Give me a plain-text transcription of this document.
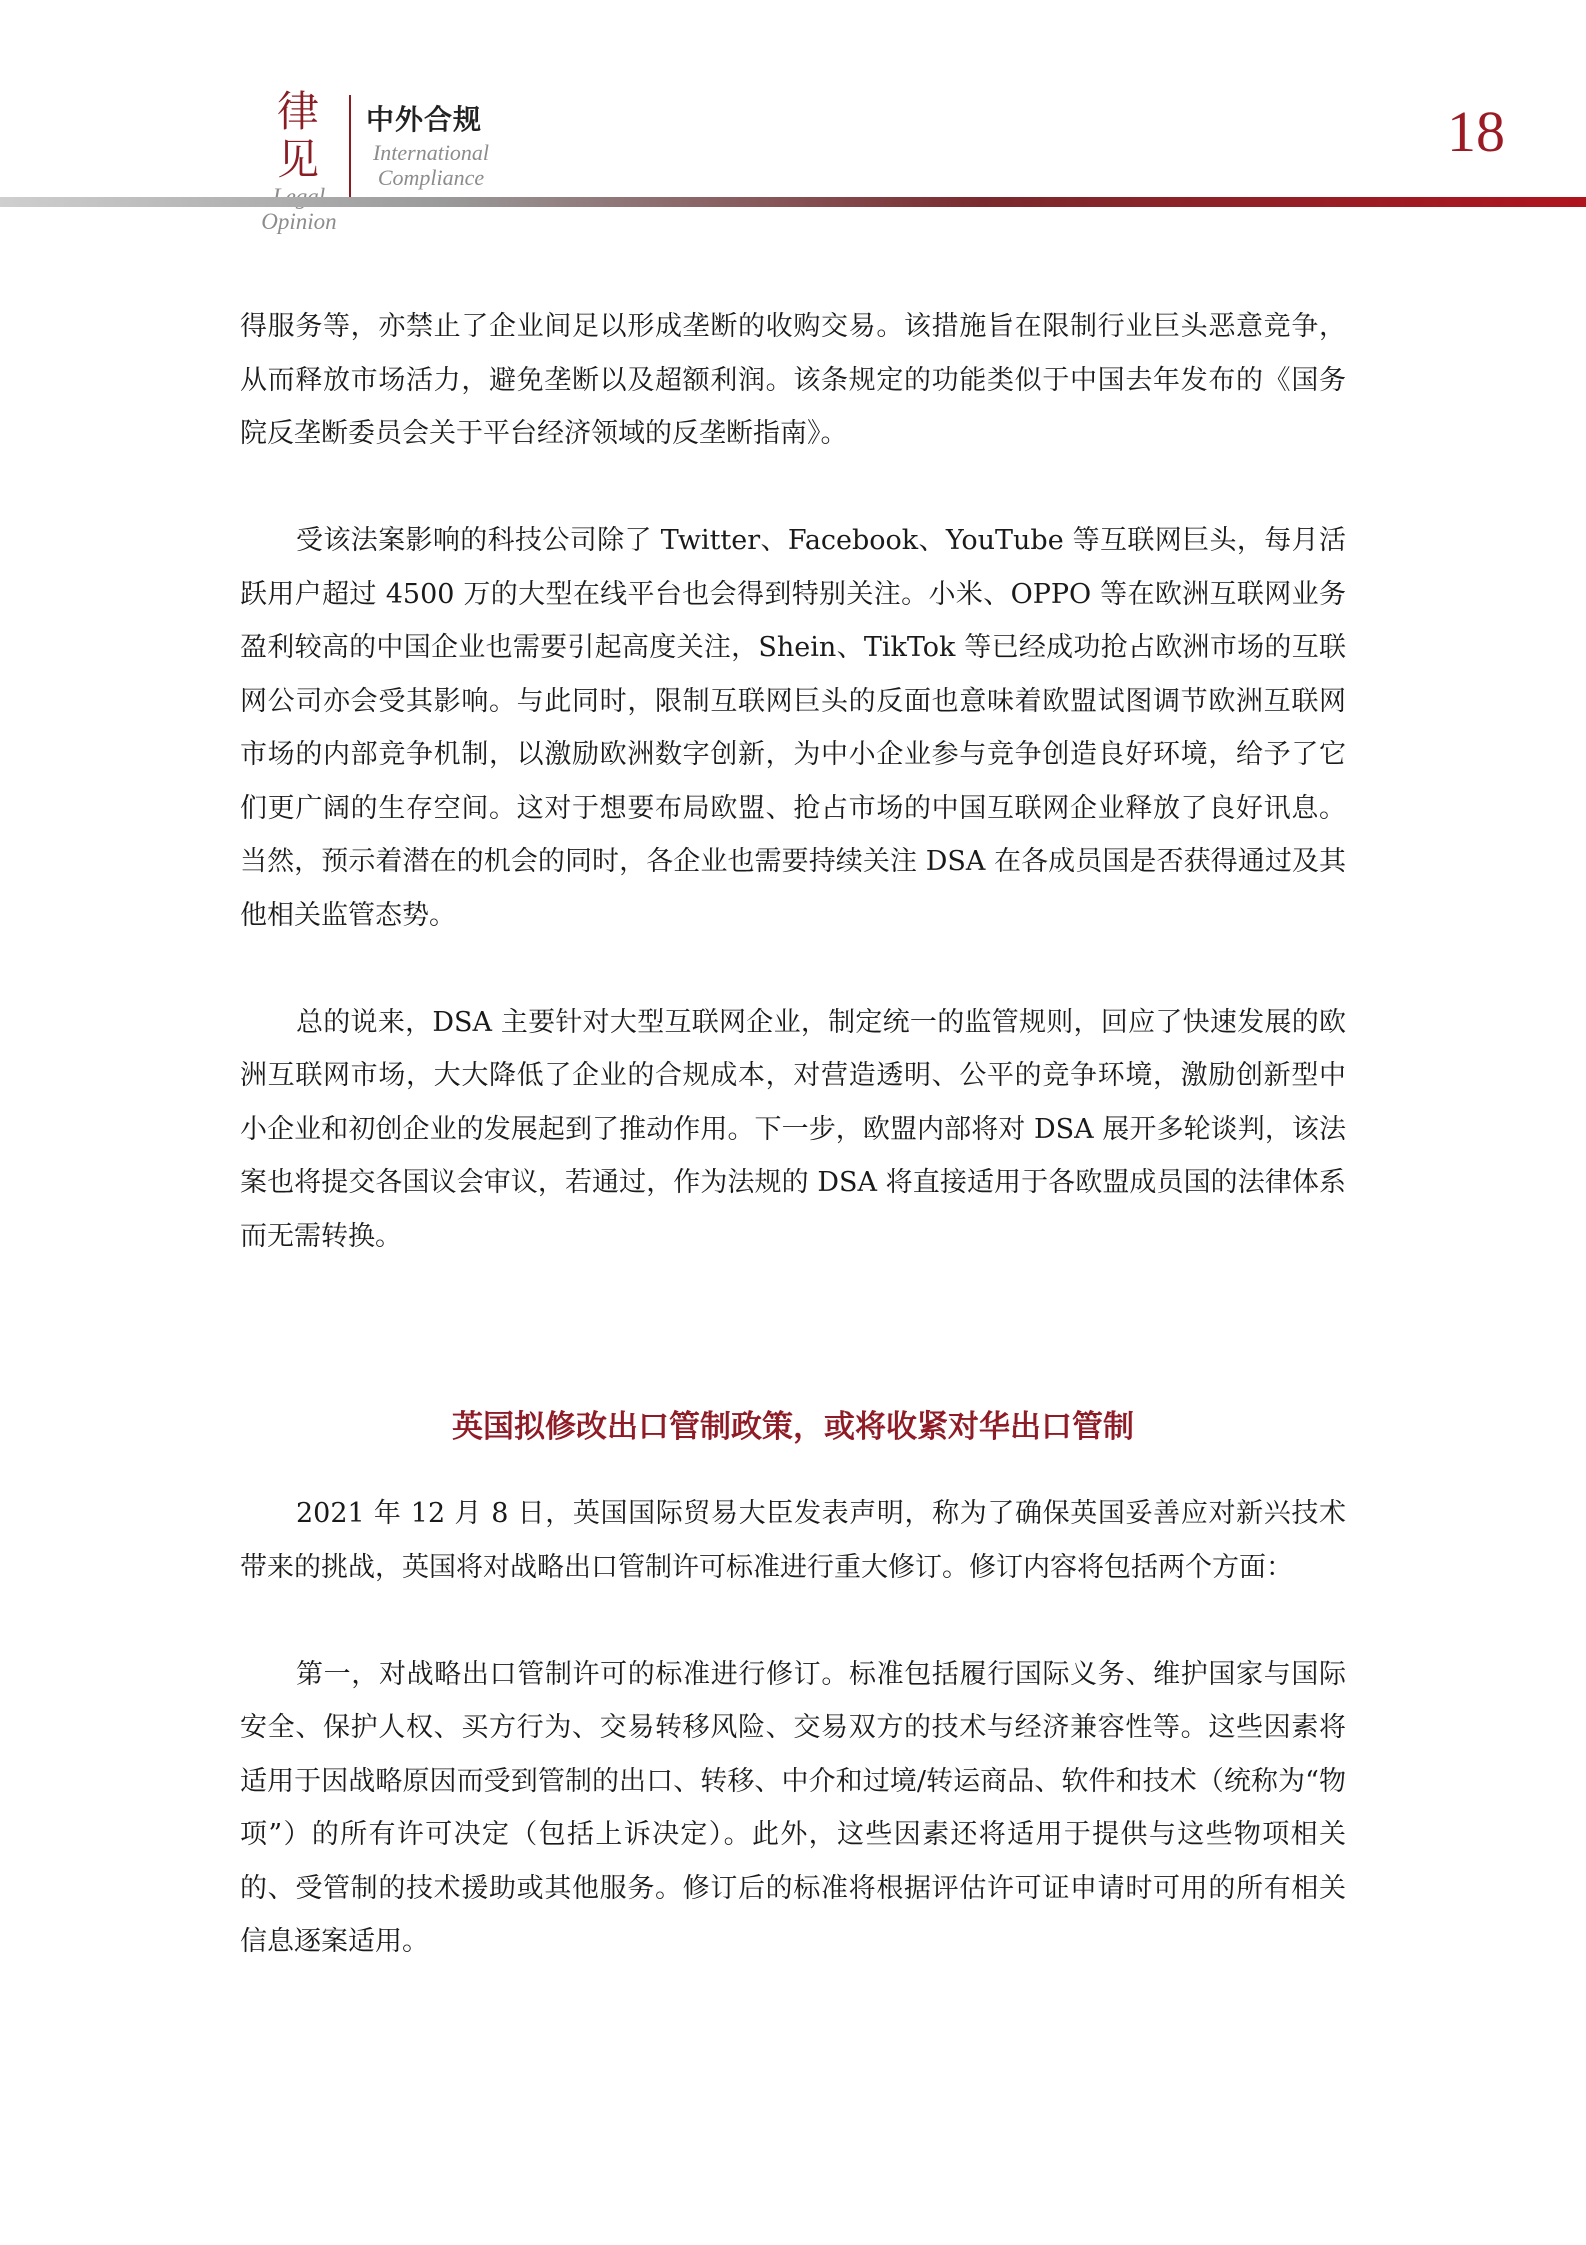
律见
Opinion
中外合规
International
Compliance
18

得服务等，亦禁止了企业间足以形成垄断的收购交易。该措施旨在限制行业巨头恶意竞争，从而释放市场活力，避免垄断以及超额利润。该条规定的功能类似于中国去年发布的《国务院反垄断委员会关于平台经济领域的反垄断指南》。

受该法案影响的科技公司除了 Twitter、Facebook、YouTube 等互联网巨头，每月活跃用户超过 4500 万的大型在线平台也会得到特别关注。小米、OPPO 等在欧洲互联网业务盈利较高的中国企业也需要引起高度关注，Shein、TikTok 等已经成功抢占欧洲市场的互联网公司亦会受其影响。与此同时，限制互联网巨头的反面也意味着欧盟试图调节欧洲互联网市场的内部竞争机制，以激励欧洲数字创新，为中小企业参与竞争创造良好环境，给予了它们更广阔的生存空间。这对于想要布局欧盟、抢占市场的中国互联网企业释放了良好讯息。当然，预示着潜在的机会的同时，各企业也需要持续关注 DSA 在各成员国是否获得通过及其他相关监管态势。

总的说来，DSA 主要针对大型互联网企业，制定统一的监管规则，回应了快速发展的欧洲互联网市场，大大降低了企业的合规成本，对营造透明、公平的竞争环境，激励创新型中小企业和初创企业的发展起到了推动作用。下一步，欧盟内部将对 DSA 展开多轮谈判，该法案也将提交各国议会审议，若通过，作为法规的 DSA 将直接适用于各欧盟成员国的法律体系而无需转换。

英国拟修改出口管制政策，或将收紧对华出口管制

2021 年 12 月 8 日，英国国际贸易大臣发表声明，称为了确保英国妥善应对新兴技术带来的挑战，英国将对战略出口管制许可标准进行重大修订。修订内容将包括两个方面：

第一，对战略出口管制许可的标准进行修订。标准包括履行国际义务、维护国家与国际安全、保护人权、买方行为、交易转移风险、交易双方的技术与经济兼容性等。这些因素将适用于因战略原因而受到管制的出口、转移、中介和过境/转运商品、软件和技术（统称为“物项”）的所有许可决定（包括上诉决定）。此外，这些因素还将适用于提供与这些物项相关的、受管制的技术援助或其他服务。修订后的标准将根据评估许可证申请时可用的所有相关信息逐案适用。
